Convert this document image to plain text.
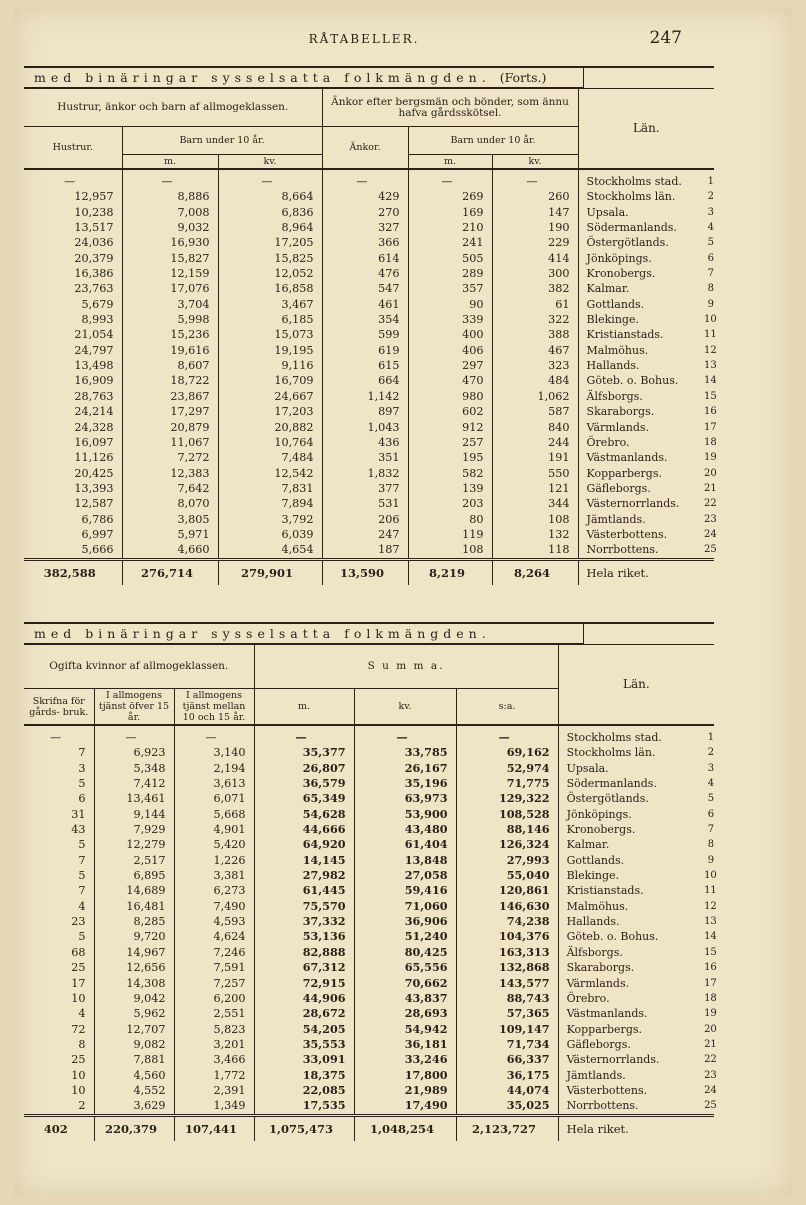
RÅTABELLER.	247
med binäringar sysselsatta folkmängden. (Forts.)
Hustrur, änkor och barn af allmogeklassen.			Änkor efter bergsmän och bönder, som ännu hafva gårdsskötsel.			Län.	
Hustrur.	Barn under 10 år.		Änkor.	Barn under 10 år.			
	m.	kv.		m.	kv.		
—	—	—	—	—	—	Stockholms stad.	1
12,957	8,886	8,664	429	269	260	Stockholms län.	2
10,238	7,008	6,836	270	169	147	Upsala.	3
13,517	9,032	8,964	327	210	190	Södermanlands.	4
24,036	16,930	17,205	366	241	229	Östergötlands.	5
20,379	15,827	15,825	614	505	414	Jönköpings.	6
16,386	12,159	12,052	476	289	300	Kronobergs.	7
23,763	17,076	16,858	547	357	382	Kalmar.	8
5,679	3,704	3,467	461	90	61	Gottlands.	9
8,993	5,998	6,185	354	339	322	Blekinge.	10
21,054	15,236	15,073	599	400	388	Kristianstads.	11
24,797	19,616	19,195	619	406	467	Malmöhus.	12
13,498	8,607	9,116	615	297	323	Hallands.	13
16,909	18,722	16,709	664	470	484	Göteb. o. Bohus.	14
28,763	23,867	24,667	1,142	980	1,062	Älfsborgs.	15
24,214	17,297	17,203	897	602	587	Skaraborgs.	16
24,328	20,879	20,882	1,043	912	840	Värmlands.	17
16,097	11,067	10,764	436	257	244	Örebro.	18
11,126	7,272	7,484	351	195	191	Västmanlands.	19
20,425	12,383	12,542	1,832	582	550	Kopparbergs.	20
13,393	7,642	7,831	377	139	121	Gäfleborgs.	21
12,587	8,070	7,894	531	203	344	Västernorrlands.	22
6,786	3,805	3,792	206	80	108	Jämtlands.	23
6,997	5,971	6,039	247	119	132	Västerbottens.	24
5,666	4,660	4,654	187	108	118	Norrbottens.	25
382,588	276,714	279,901	13,590	8,219	8,264	Hela riket.	
med binäringar sysselsatta folkmängden.
Ogifta kvinnor af allmogeklassen.			S u m m a.			Län.	
Skrifna för gårds- bruk.	I allmogens tjänst öfver 15 år.	I allmogens tjänst mellan 10 och 15 år.					
			m.	kv.	s:a.		
—	—	—	—	—	—	Stockholms stad.	1
7	6,923	3,140	35,377	33,785	69,162	Stockholms län.	2
3	5,348	2,194	26,807	26,167	52,974	Upsala.	3
5	7,412	3,613	36,579	35,196	71,775	Södermanlands.	4
6	13,461	6,071	65,349	63,973	129,322	Östergötlands.	5
31	9,144	5,668	54,628	53,900	108,528	Jönköpings.	6
43	7,929	4,901	44,666	43,480	88,146	Kronobergs.	7
5	12,279	5,420	64,920	61,404	126,324	Kalmar.	8
7	2,517	1,226	14,145	13,848	27,993	Gottlands.	9
5	6,895	3,381	27,982	27,058	55,040	Blekinge.	10
7	14,689	6,273	61,445	59,416	120,861	Kristianstads.	11
4	16,481	7,490	75,570	71,060	146,630	Malmöhus.	12
23	8,285	4,593	37,332	36,906	74,238	Hallands.	13
5	9,720	4,624	53,136	51,240	104,376	Göteb. o. Bohus.	14
68	14,967	7,246	82,888	80,425	163,313	Älfsborgs.	15
25	12,656	7,591	67,312	65,556	132,868	Skaraborgs.	16
17	14,308	7,257	72,915	70,662	143,577	Värmlands.	17
10	9,042	6,200	44,906	43,837	88,743	Örebro.	18
4	5,962	2,551	28,672	28,693	57,365	Västmanlands.	19
72	12,707	5,823	54,205	54,942	109,147	Kopparbergs.	20
8	9,082	3,201	35,553	36,181	71,734	Gäfleborgs.	21
25	7,881	3,466	33,091	33,246	66,337	Västernorrlands.	22
10	4,560	1,772	18,375	17,800	36,175	Jämtlands.	23
10	4,552	2,391	22,085	21,989	44,074	Västerbottens.	24
2	3,629	1,349	17,535	17,490	35,025	Norrbottens.	25
402	220,379	107,441	1,075,473	1,048,254	2,123,727	Hela riket.	
